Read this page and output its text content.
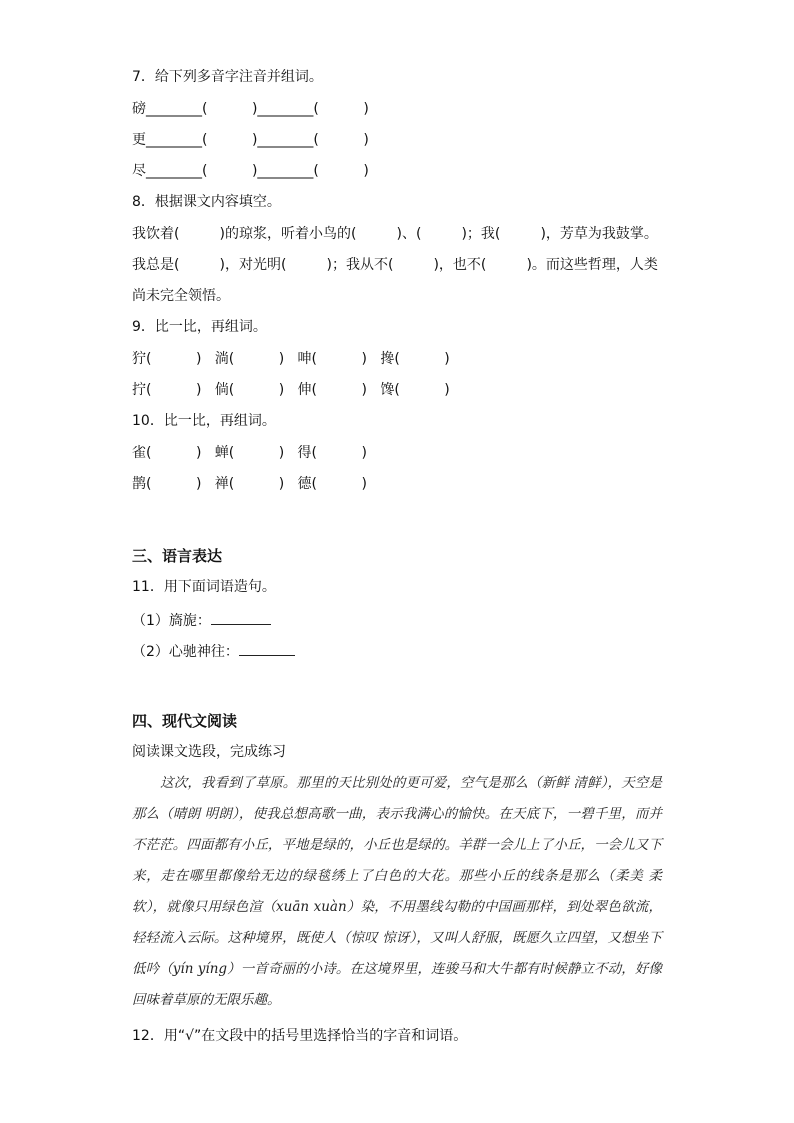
7．给下列多音字注音并组词。
磅________(          )________(          )
更________(          )________(          )
尽________(          )________(          )
8．根据课文内容填空。
我饮着(         )的琼浆，听着小鸟的(         )、(         )；我(         )，芳草为我鼓掌。
我总是(         )，对光明(         )；我从不(         )，也不(         )。而这些哲理，人类
尚未完全领悟。
9．比一比，再组词。
狞(          )   淌(          )   呻(          )   搀(          )
拧(          )   倘(          )   伸(          )   馋(          )
10．比一比，再组词。
雀(          )   蝉(          )   得(          )
鹊(          )   禅(          )   德(          )
三、语言表达
11．用下面词语造句。
（1）旖旎：
（2）心驰神往：
四、现代文阅读
阅读课文选段，完成练习
这次，我看到了草原。那里的天比别处的更可爱，空气是那么（新鲜 清鲜），天空是那么（晴朗 明朗），使我总想高歌一曲，表示我满心的愉快。在天底下，一碧千里，而并不茫茫。四面都有小丘，平地是绿的，小丘也是绿的。羊群一会儿上了小丘，一会儿又下来，走在哪里都像给无边的绿毯绣上了白色的大花。那些小丘的线条是那么（柔美 柔软），就像只用绿色渲（xuān xuàn）染，不用墨线勾勒的中国画那样，到处翠色欲流，轻轻流入云际。这种境界，既使人（惊叹 惊讶），又叫人舒服，既愿久立四望，又想坐下低吟（yín yíng）一首奇丽的小诗。在这境界里，连骏马和大牛都有时候静立不动，好像回味着草原的无限乐趣。
12．用“√”在文段中的括号里选择恰当的字音和词语。
